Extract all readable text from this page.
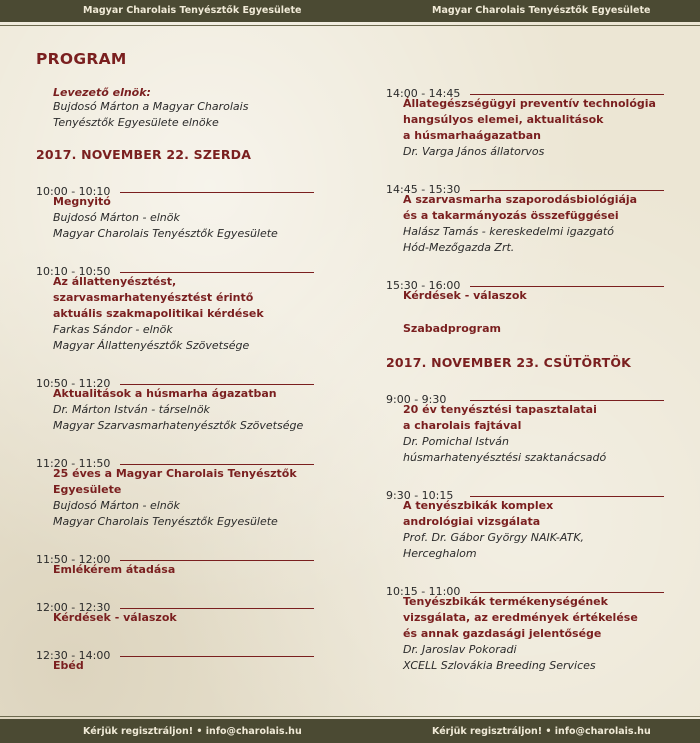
Magyar Charolais Tenyésztők Egyesülete	Magyar Charolais Tenyésztők Egyesülete
PROGRAM
Levezető elnök:
Bujdosó Márton a Magyar Charolais
Tenyésztők Egyesülete elnöke
2017. NOVEMBER 22. SZERDA
10:00 - 10:10
Megnyitó
Bujdosó Márton - elnök
Magyar Charolais Tenyésztők Egyesülete
10:10 - 10:50
Az állattenyésztést,
szarvasmarhatenyésztést érintő
aktuális szakmapolitikai kérdések
Farkas Sándor - elnök
Magyar Állattenyésztők Szövetsége
10:50 - 11:20
Aktualitások a húsmarha ágazatban
Dr. Márton István - társelnök
Magyar Szarvasmarhatenyésztők Szövetsége
11:20 - 11:50
25 éves a Magyar Charolais Tenyésztők
Egyesülete
Bujdosó Márton - elnök
Magyar Charolais Tenyésztők Egyesülete
11:50 - 12:00
Emlékérem átadása
12:00 - 12:30
Kérdések - válaszok
12:30 - 14:00
Ebéd
14:00 - 14:45
Állategészségügyi preventív technológia
hangsúlyos elemei, aktualitások
a húsmarhaágazatban
Dr. Varga János állatorvos
14:45 - 15:30
A szarvasmarha szaporodásbiológiája
és a takarmányozás összefüggései
Halász Tamás - kereskedelmi igazgató
Hód-Mezőgazda Zrt.
15:30 - 16:00
Kérdések - válaszok
Szabadprogram
2017. NOVEMBER 23. CSÜTÖRTÖK
9:00 - 9:30
20 év tenyésztési tapasztalatai
a charolais fajtával
Dr. Pomichal István
húsmarhatenyésztési szaktanácsadó
9:30 - 10:15
A tenyészbikák komplex
andrológiai vizsgálata
Prof. Dr. Gábor György NAIK-ATK,
Herceghalom
10:15 - 11:00
Tenyészbikák termékenységének
vizsgálata, az eredmények értékelése
és annak gazdasági jelentősége
Dr. Jaroslav Pokoradi
XCELL Szlovákia Breeding Services
Kérjük regisztráljon! • info@charolais.hu	Kérjük regisztráljon! • info@charolais.hu
